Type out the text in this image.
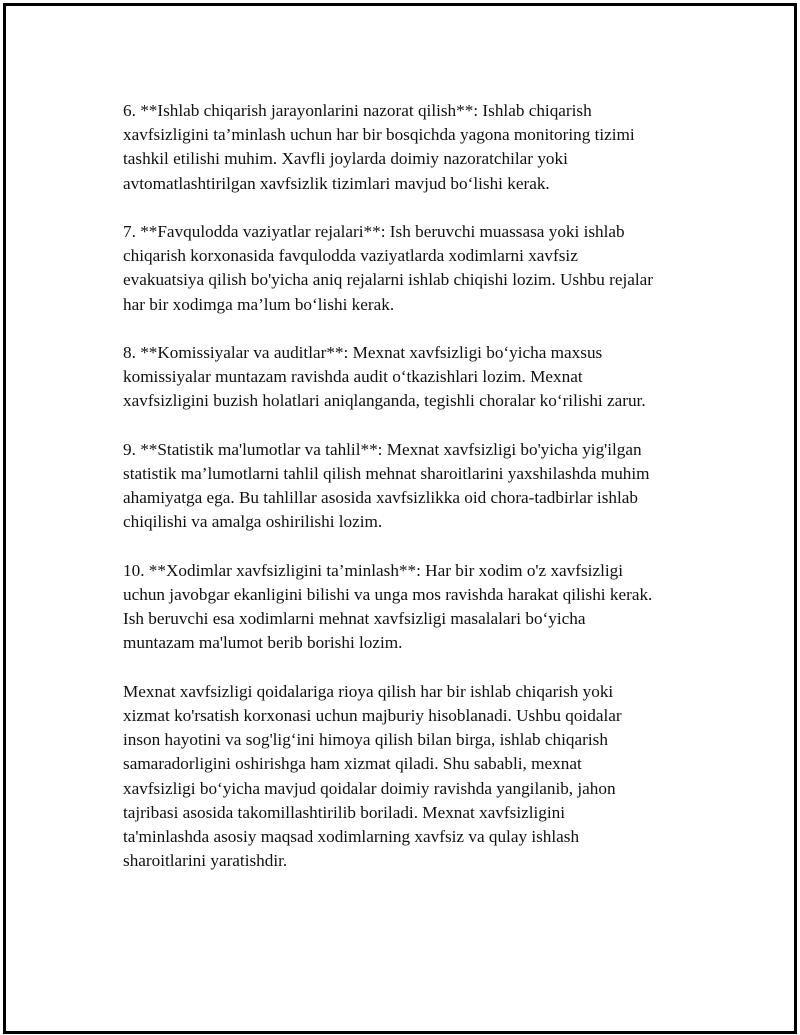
6. **Ishlab chiqarish jarayonlarini nazorat qilish**: Ishlab chiqarish
xavfsizligini ta’minlash uchun har bir bosqichda yagona monitoring tizimi
tashkil etilishi muhim. Xavfli joylarda doimiy nazoratchilar yoki
avtomatlashtirilgan xavfsizlik tizimlari mavjud bo‘lishi kerak.

7. **Favqulodda vaziyatlar rejalari**: Ish beruvchi muassasa yoki ishlab
chiqarish korxonasida favqulodda vaziyatlarda xodimlarni xavfsiz
evakuatsiya qilish bo'yicha aniq rejalarni ishlab chiqishi lozim. Ushbu rejalar
har bir xodimga ma’lum bo‘lishi kerak.

8. **Komissiyalar va auditlar**: Mexnat xavfsizligi bo‘yicha maxsus
komissiyalar muntazam ravishda audit o‘tkazishlari lozim. Mexnat
xavfsizligini buzish holatlari aniqlanganda, tegishli choralar ko‘rilishi zarur.

9. **Statistik ma'lumotlar va tahlil**: Mexnat xavfsizligi bo'yicha yig'ilgan
statistik ma’lumotlarni tahlil qilish mehnat sharoitlarini yaxshilashda muhim
ahamiyatga ega. Bu tahlillar asosida xavfsizlikka oid chora-tadbirlar ishlab
chiqilishi va amalga oshirilishi lozim.

10. **Xodimlar xavfsizligini ta’minlash**: Har bir xodim o'z xavfsizligi
uchun javobgar ekanligini bilishi va unga mos ravishda harakat qilishi kerak.
Ish beruvchi esa xodimlarni mehnat xavfsizligi masalalari bo‘yicha
muntazam ma'lumot berib borishi lozim.

Mexnat xavfsizligi qoidalariga rioya qilish har bir ishlab chiqarish yoki
xizmat ko'rsatish korxonasi uchun majburiy hisoblanadi. Ushbu qoidalar
inson hayotini va sog'lig‘ini himoya qilish bilan birga, ishlab chiqarish
samaradorligini oshirishga ham xizmat qiladi. Shu sababli, mexnat
xavfsizligi bo‘yicha mavjud qoidalar doimiy ravishda yangilanib, jahon
tajribasi asosida takomillashtirilib boriladi. Mexnat xavfsizligini
ta'minlashda asosiy maqsad xodimlarning xavfsiz va qulay ishlash
sharoitlarini yaratishdir.
